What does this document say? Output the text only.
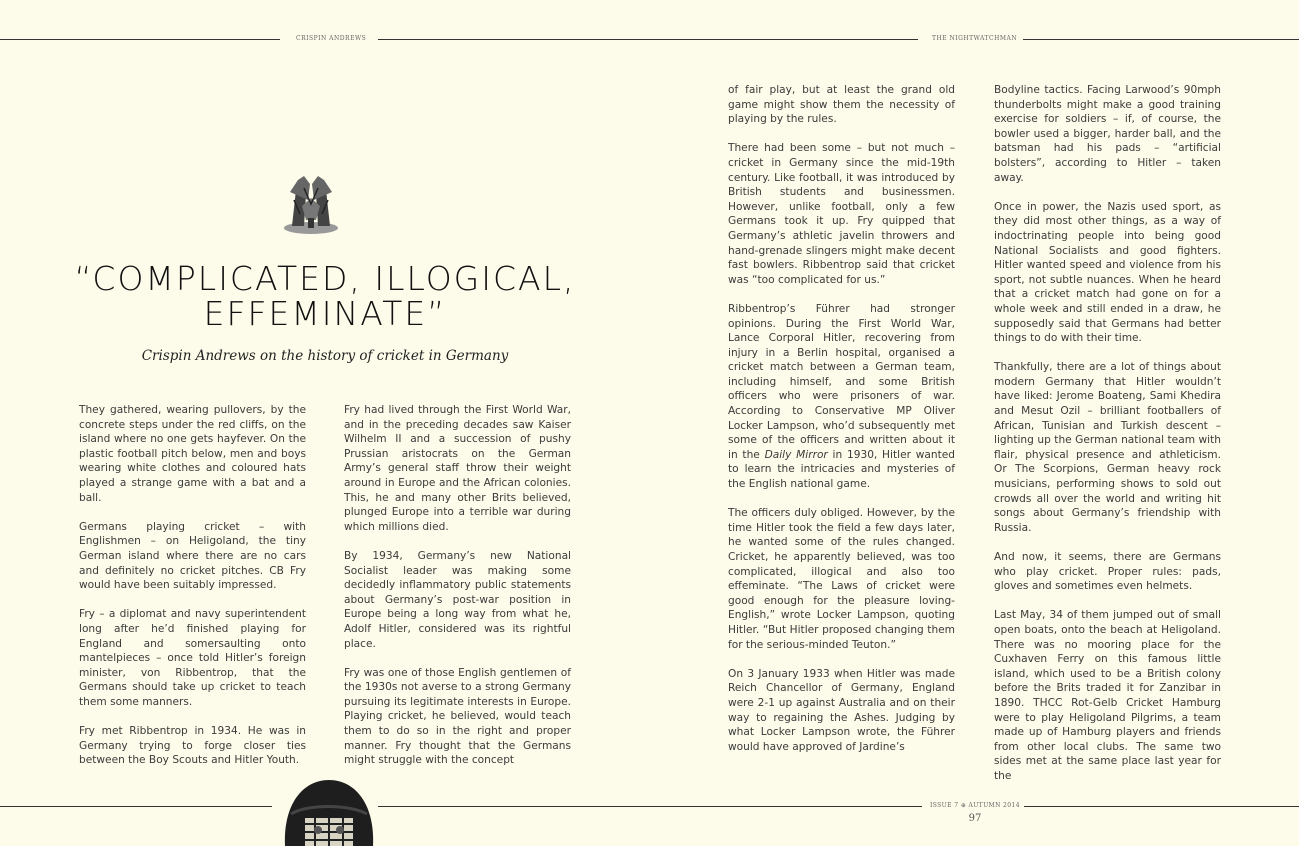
CRISPIN ANDREWS	THE NIGHTWATCHMAN
“COMPLICATED, ILLOGICAL, EFFEMINATE”
Crispin Andrews on the history of cricket in Germany

They gathered, wearing pullovers, by the concrete steps under the red cliffs, on the island where no one gets hayfever. On the plastic football pitch below, men and boys wearing white clothes and coloured hats played a strange game with a bat and a ball.

Germans playing cricket – with Englishmen – on Heligoland, the tiny German island where there are no cars and definitely no cricket pitches. CB Fry would have been suitably impressed.

Fry – a diplomat and navy superintendent long after he’d finished playing for England and somersaulting onto mantelpieces – once told Hitler’s foreign minister, von Ribbentrop, that the Germans should take up cricket to teach them some manners.

Fry met Ribbentrop in 1934. He was in Germany trying to forge closer ties between the Boy Scouts and Hitler Youth.

Fry had lived through the First World War, and in the preceding decades saw Kaiser Wilhelm II and a succession of pushy Prussian aristocrats on the German Army’s general staff throw their weight around in Europe and the African colonies. This, he and many other Brits believed, plunged Europe into a terrible war during which millions died.

By 1934, Germany’s new National Socialist leader was making some decidedly inflammatory public statements about Germany’s post-war position in Europe being a long way from what he, Adolf Hitler, considered was its rightful place.

Fry was one of those English gentlemen of the 1930s not averse to a strong Germany pursuing its legitimate interests in Europe. Playing cricket, he believed, would teach them to do so in the right and proper manner. Fry thought that the Germans might struggle with the concept

of fair play, but at least the grand old game might show them the necessity of playing by the rules.

There had been some – but not much – cricket in Germany since the mid-19th century. Like football, it was introduced by British students and businessmen. However, unlike football, only a few Germans took it up. Fry quipped that Germany’s athletic javelin throwers and hand-grenade slingers might make decent fast bowlers. Ribbentrop said that cricket was “too complicated for us.”

Ribbentrop’s Führer had stronger opinions. During the First World War, Lance Corporal Hitler, recovering from injury in a Berlin hospital, organised a cricket match between a German team, including himself, and some British officers who were prisoners of war. According to Conservative MP Oliver Locker Lampson, who’d subsequently met some of the officers and written about it in the Daily Mirror in 1930, Hitler wanted to learn the intricacies and mysteries of the English national game.

The officers duly obliged. However, by the time Hitler took the field a few days later, he wanted some of the rules changed. Cricket, he apparently believed, was too complicated, illogical and also too effeminate. “The Laws of cricket were good enough for the pleasure loving-English,” wrote Locker Lampson, quoting Hitler. “But Hitler proposed changing them for the serious-minded Teuton.”

On 3 January 1933 when Hitler was made Reich Chancellor of Germany, England were 2-1 up against Australia and on their way to regaining the Ashes. Judging by what Locker Lampson wrote, the Führer would have approved of Jardine’s

Bodyline tactics. Facing Larwood’s 90mph thunderbolts might make a good training exercise for soldiers – if, of course, the bowler used a bigger, harder ball, and the batsman had his pads – “artificial bolsters”, according to Hitler – taken away.

Once in power, the Nazis used sport, as they did most other things, as a way of indoctrinating people into being good National Socialists and good fighters. Hitler wanted speed and violence from his sport, not subtle nuances. When he heard that a cricket match had gone on for a whole week and still ended in a draw, he supposedly said that Germans had better things to do with their time.

Thankfully, there are a lot of things about modern Germany that Hitler wouldn’t have liked: Jerome Boateng, Sami Khedira and Mesut Ozil – brilliant footballers of African, Tunisian and Turkish descent – lighting up the German national team with flair, physical presence and athleticism. Or The Scorpions, German heavy rock musicians, performing shows to sold out crowds all over the world and writing hit songs about Germany’s friendship with Russia.

And now, it seems, there are Germans who play cricket. Proper rules: pads, gloves and sometimes even helmets.

Last May, 34 of them jumped out of small open boats, onto the beach at Heligoland. There was no mooring place for the Cuxhaven Ferry on this famous little island, which used to be a British colony before the Brits traded it for Zanzibar in 1890. THCC Rot-Gelb Cricket Hamburg were to play Heligoland Pilgrims, a team made up of Hamburg players and friends from other local clubs. The same two sides met at the same place last year for the

ISSUE 7 ⊕ AUTUMN 2014
97
